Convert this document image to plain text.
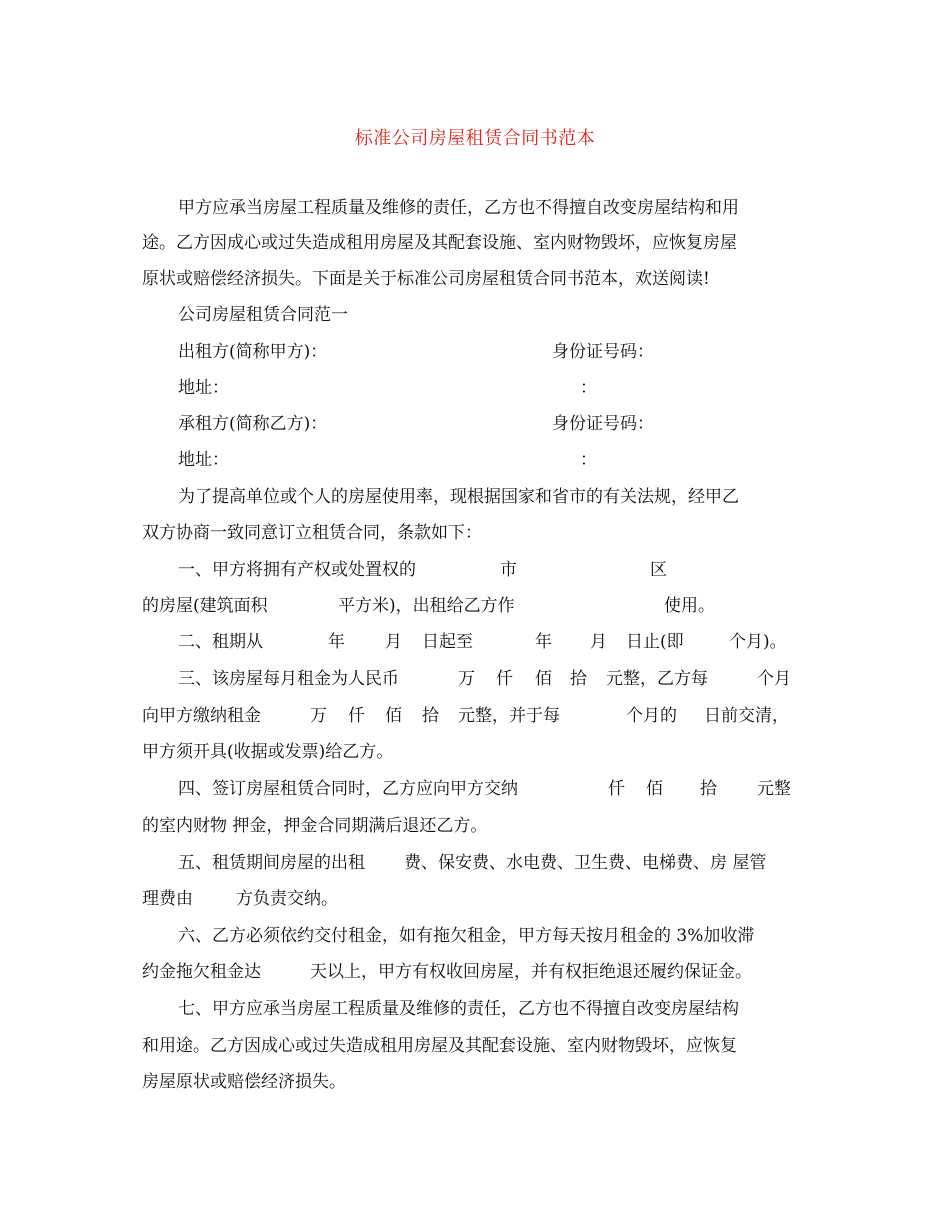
标准公司房屋租赁合同书范本
甲方应承当房屋工程质量及维修的责任，乙方也不得擅自改变房屋结构和用
途。乙方因成心或过失造成租用房屋及其配套设施、室内财物毁坏，应恢复房屋
原状或赔偿经济损失。下面是关于标准公司房屋租赁合同书范本，欢送阅读!
公司房屋租赁合同范一
出租方(简称甲方)：	身份证号码：
地址：	：
承租方(简称乙方)：	身份证号码：
地址：	：
为了提高单位或个人的房屋使用率，现根据国家和省市的有关法规，经甲乙
双方协商一致同意订立租赁合同，条款如下：
一、甲方将拥有产权或处置权的	市	区
的房屋(建筑面积	平方米)，出租给乙方作	使用。
二、租期从	年 月 日起至	年 月 日止(即	个月)。
三、该房屋每月租金为人民币	万 仟 佰 拾 元整，乙方每	个月
向甲方缴纳租金	万 仟 佰 拾 元整，并于每	个月的 日前交清，
甲方须开具(收据或发票)给乙方。
四、签订房屋租赁合同时，乙方应向甲方交纳	仟 佰 拾 元整
的室内财物 押金，押金合同期满后退还乙方。
五、租赁期间房屋的出租 费、保安费、水电费、卫生费、电梯费、房 屋管
理费由	方负责交纳。
六、乙方必须依约交付租金，如有拖欠租金，甲方每天按月租金的 3%加收滞
约金拖欠租金达	天以上，甲方有权收回房屋，并有权拒绝退还履约保证金。
七、甲方应承当房屋工程质量及维修的责任，乙方也不得擅自改变房屋结构
和用途。乙方因成心或过失造成租用房屋及其配套设施、室内财物毁坏，应恢复
房屋原状或赔偿经济损失。
